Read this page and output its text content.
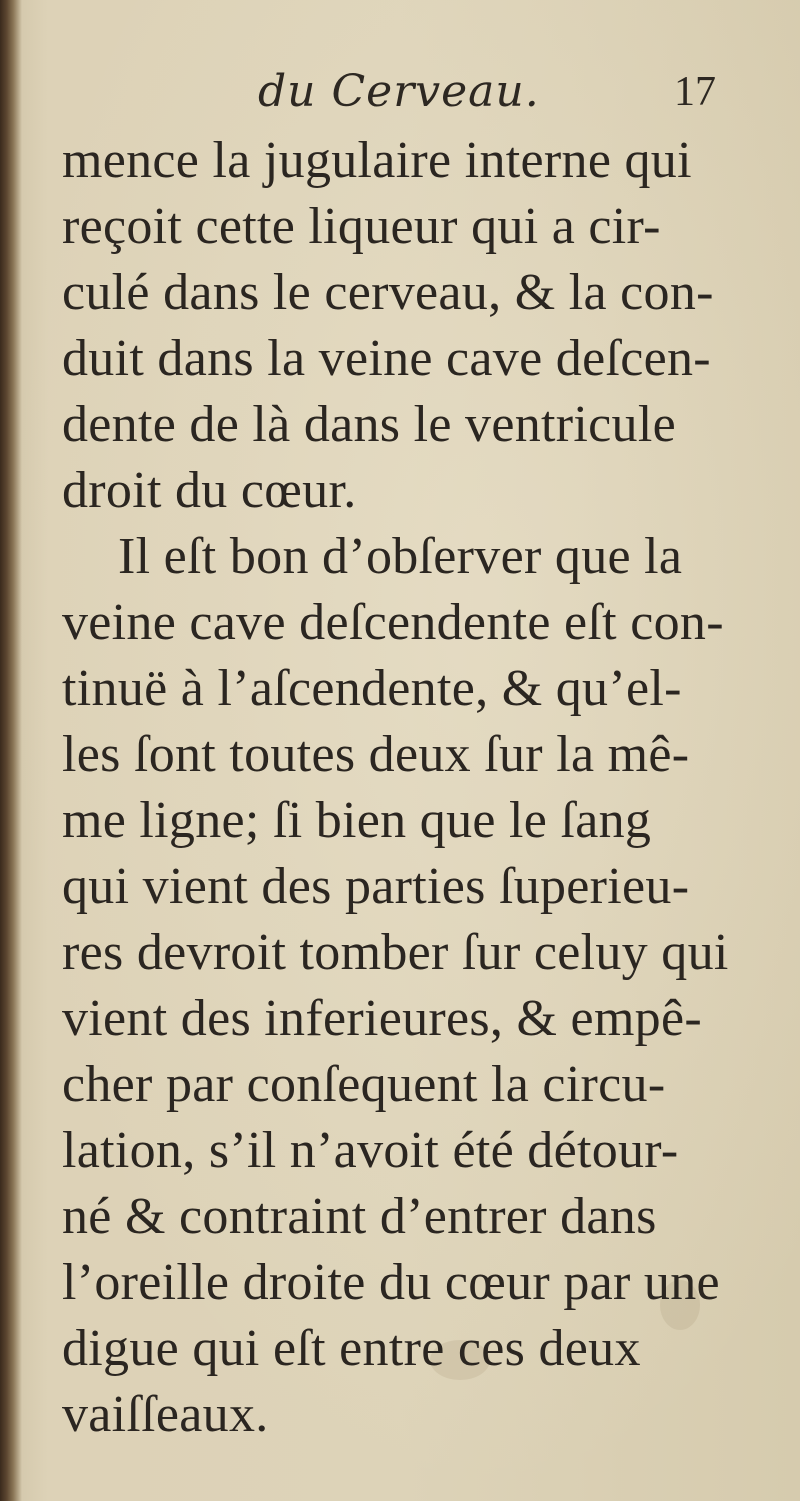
du Cerveau.	17
mence la jugulaire interne qui
reçoit cette liqueur qui a cir-
culé dans le cerveau, & la con-
duit dans la veine cave deſcen-
dente de là dans le ventricule
droit du cœur.
Il eſt bon d’obſerver que la
veine cave deſcendente eſt con-
tinuë à l’aſcendente, & qu’el-
les ſont toutes deux ſur la mê-
me ligne; ſi bien que le ſang
qui vient des parties ſuperieu-
res devroit tomber ſur celuy qui
vient des inferieures, & empê-
cher par conſequent la circu-
lation, s’il n’avoit été détour-
né & contraint d’entrer dans
l’oreille droite du cœur par une
digue qui eſt entre ces deux
vaiſſeaux.
